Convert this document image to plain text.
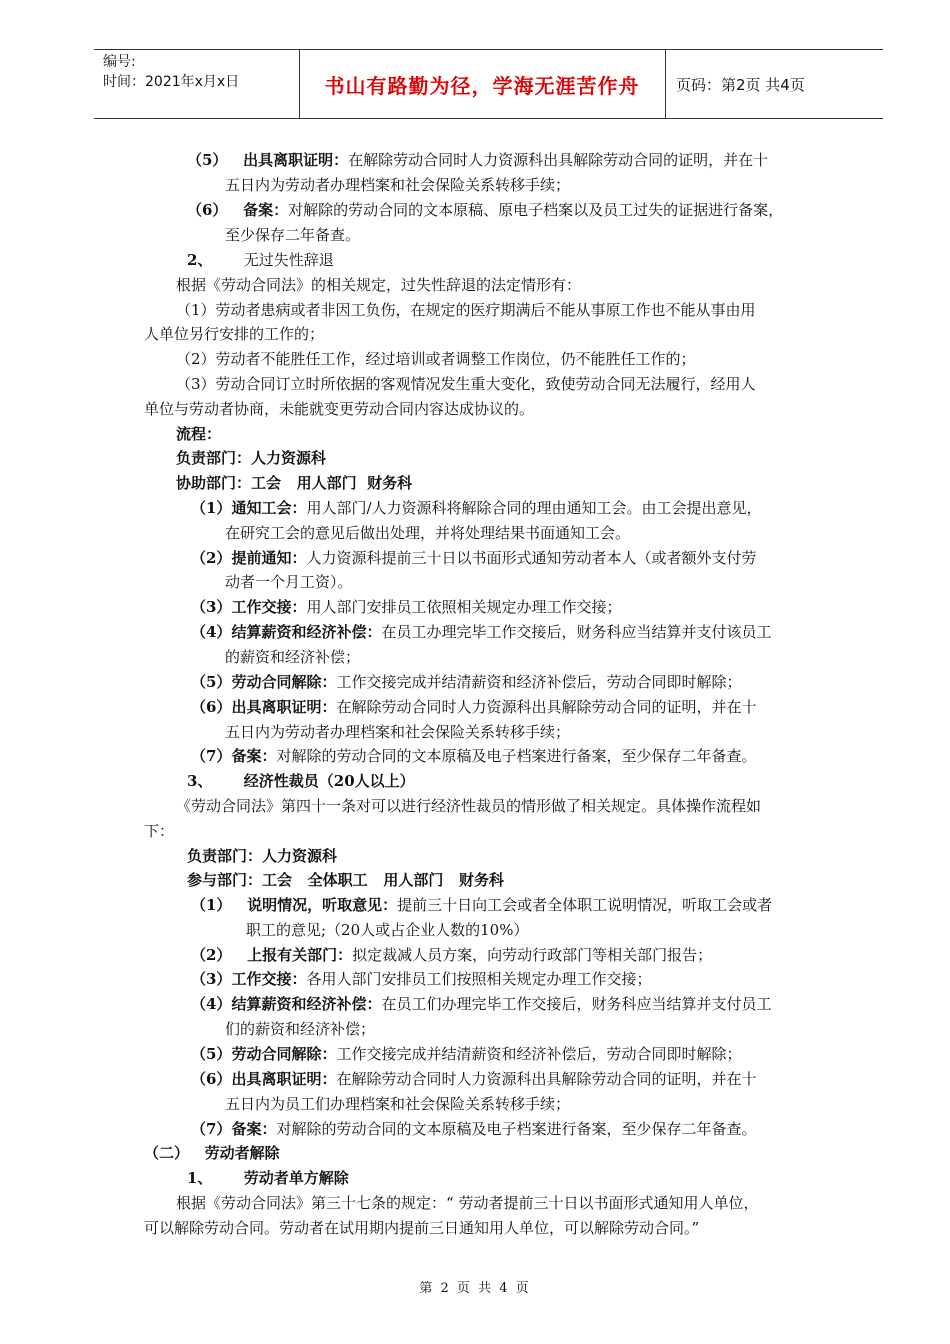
编号:
时间：2021年x月x日	书山有路勤为径，学海无涯苦作舟	页码：第2页 共4页
（5）   出具离职证明：在解除劳动合同时人力资源科出具解除劳动合同的证明，并在十
五日内为劳动者办理档案和社会保险关系转移手续；
（6）   备案：对解除的劳动合同的文本原稿、原电子档案以及员工过失的证据进行备案，
至少保存二年备查。
2、      无过失性辞退
根据《劳动合同法》的相关规定，过失性辞退的法定情形有：
（1）劳动者患病或者非因工负伤，在规定的医疗期满后不能从事原工作也不能从事由用
人单位另行安排的工作的；
（2）劳动者不能胜任工作，经过培训或者调整工作岗位，仍不能胜任工作的；
（3）劳动合同订立时所依据的客观情况发生重大变化，致使劳动合同无法履行，经用人
单位与劳动者协商，未能就变更劳动合同内容达成协议的。
流程：
负责部门：人力资源科
协助部门：工会   用人部门  财务科
（1）通知工会：用人部门/人力资源科将解除合同的理由通知工会。由工会提出意见，
在研究工会的意见后做出处理，并将处理结果书面通知工会。
（2）提前通知：人力资源科提前三十日以书面形式通知劳动者本人（或者额外支付劳
动者一个月工资）。
（3）工作交接：用人部门安排员工依照相关规定办理工作交接；
（4）结算薪资和经济补偿：在员工办理完毕工作交接后，财务科应当结算并支付该员工
的薪资和经济补偿；
（5）劳动合同解除：工作交接完成并结清薪资和经济补偿后，劳动合同即时解除；
（6）出具离职证明：在解除劳动合同时人力资源科出具解除劳动合同的证明，并在十
五日内为劳动者办理档案和社会保险关系转移手续；
（7）备案：对解除的劳动合同的文本原稿及电子档案进行备案，至少保存二年备查。
3、      经济性裁员（20人以上）
《劳动合同法》第四十一条对可以进行经济性裁员的情形做了相关规定。具体操作流程如
下：
负责部门：人力资源科
参与部门：工会   全体职工   用人部门   财务科
（1）   说明情况，听取意见：提前三十日向工会或者全体职工说明情况，听取工会或者
职工的意见;（20人或占企业人数的10%）
（2）   上报有关部门：拟定裁减人员方案，向劳动行政部门等相关部门报告；
（3）工作交接：各用人部门安排员工们按照相关规定办理工作交接；
（4）结算薪资和经济补偿：在员工们办理完毕工作交接后，财务科应当结算并支付员工
们的薪资和经济补偿；
（5）劳动合同解除：工作交接完成并结清薪资和经济补偿后，劳动合同即时解除；
（6）出具离职证明：在解除劳动合同时人力资源科出具解除劳动合同的证明，并在十
五日内为员工们办理档案和社会保险关系转移手续；
（7）备案：对解除的劳动合同的文本原稿及电子档案进行备案，至少保存二年备查。
（二）   劳动者解除
1、      劳动者单方解除
根据《劳动合同法》第三十七条的规定：“ 劳动者提前三十日以书面形式通知用人单位，
可以解除劳动合同。劳动者在试用期内提前三日通知用人单位，可以解除劳动合同。”
第 2 页 共 4 页
